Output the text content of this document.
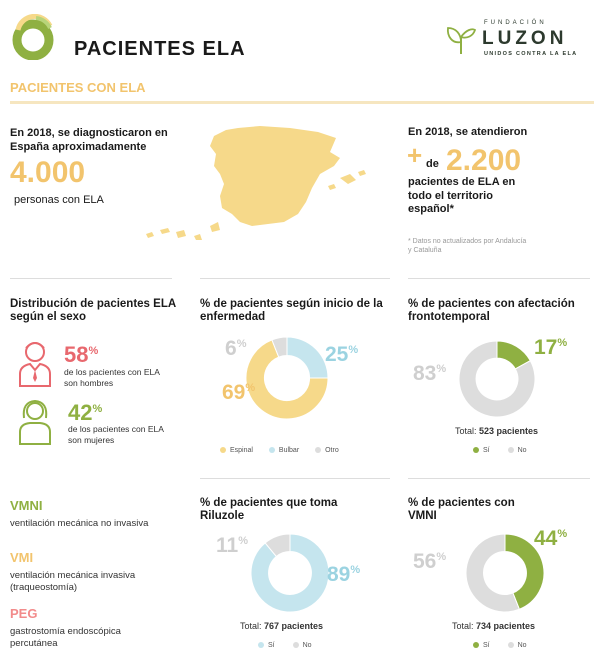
PACIENTES ELA
FUNDACIÓN
LUZON
UNIDOS CONTRA LA ELA
PACIENTES CON ELA
En 2018, se diagnosticaron en España aproximadamente
4.000
personas con ELA
En 2018, se atendieron
+ de 2.200
pacientes de ELA en todo el territorio español*
* Datos no actualizados por Andalucía y Cataluña
Distribución de pacientes ELA según el sexo
58%
de los pacientes con ELA son hombres
42%
de los pacientes con ELA son mujeres
% de pacientes según inicio de la enfermedad
6%	25%
69%
Espinal	Bulbar	Otro
% de pacientes con afectación frontotemporal
17%
83%
Total: 523 pacientes
Sí	No
VMNI
ventilación mecánica no invasiva
VMI
ventilación mecánica invasiva (traqueostomía)
PEG
gastrostomía endoscópica percutánea
% de pacientes que toma Riluzole
11%
89%
Total: 767 pacientes
Sí	No
% de pacientes con VMNI
44%
56%
Total: 734 pacientes
Sí	No
